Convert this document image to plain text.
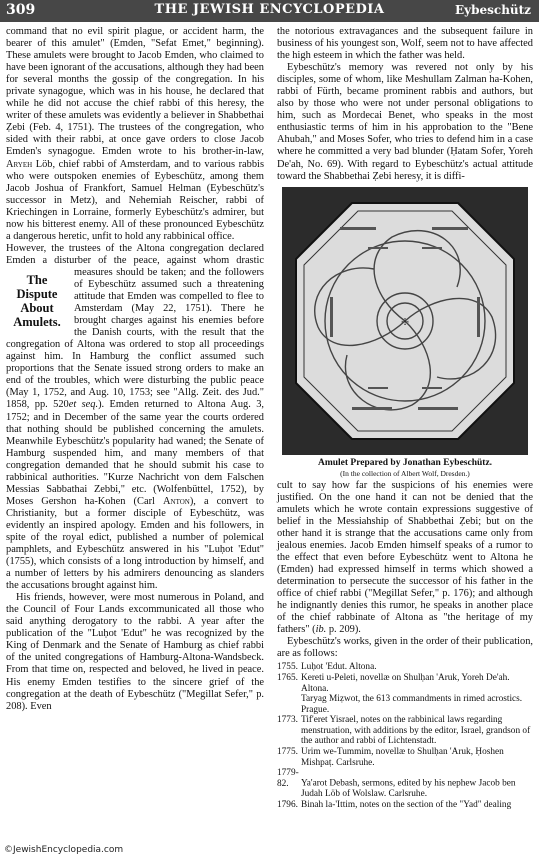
309	THE JEWISH ENCYCLOPEDIA	Eybeschütz

command that no evil spirit plague, or accident harm, the bearer of this amulet" (Emden, "Sefat Emet," beginning). These amulets were brought to Jacob Emden, who claimed to have been ignorant of the accusations, although they had been for several months the gossip of the congregation. In his private synagogue, which was in his house, he declared that while he did not accuse the chief rabbi of this heresy, the writer of these amulets was evidently a believer in Shabbethai Ẓebi (Feb. 4, 1751). The trustees of the congregation, who sided with their rabbi, at once gave orders to close Jacob Emden's synagogue. Emden wrote to his brother-in-law, Aryeh Löb, chief rabbi of Amsterdam, and to various rabbis who were outspoken enemies of Eybeschütz, among them Jacob Joshua of Frankfort, Samuel Helman (Eybeschütz's successor in Metz), and Nehemiah Reischer, rabbi of Kriechingen in Lorraine, formerly Eybeschütz's admirer, but now his bitterest enemy. All of these pronounced Eybeschütz a dangerous heretic, unfit to hold any rabbinical office.

However, the trustees of the Altona congregation declared Emden a disturber of the peace, against whom drastic measures should be taken; and the
The Dispute About Amulets.
followers of Eybeschütz assumed such a threatening attitude that Emden was compelled to flee to Amsterdam (May 22, 1751). There he brought charges against his enemies before the Danish courts, with the result that the congregation of Altona was ordered to stop all proceedings against him. In Hamburg the conflict assumed such proportions that the Senate issued strong orders to make an end of the troubles, which were disturbing the public peace (May 1, 1752, and Aug. 10, 1753; see "Allg. Zeit. des Jud." 1858, pp. 520et seq.). Emden returned to Altona Aug. 3, 1752; and in December of the same year the courts ordered that nothing should be published concerning the amulets. Meanwhile Eybeschütz's popularity had waned; the Senate of Hamburg suspended him, and many members of that congregation demanded that he should submit his case to rabbinical authorities. "Kurze Nachricht von dem Falschen Messias Sabbathai Zebbi," etc. (Wolfenbüttel, 1752), by Moses Gershon ha-Kohen (Carl Anton), a convert to Christianity, but a former disciple of Eybeschütz, was evidently an inspired apology. Emden and his followers, in spite of the royal edict, published a number of polemical pamphlets, and Eybeschütz answered in his "Luḥot 'Edut" (1755), which consists of a long introduction by himself, and a number of letters by his admirers denouncing as slanders the accusations brought against him.

His friends, however, were most numerous in Poland, and the Council of Four Lands excommunicated all those who said anything derogatory to the rabbi. A year after the publication of the "Luḥot 'Edut" he was recognized by the King of Denmark and the Senate of Hamburg as chief rabbi of the united congregations of Hamburg-Altona-Wandsbeck. From that time on, respected and beloved, he lived in peace. His enemy Emden testifies to the sincere grief of the congregation at the death of Eybeschütz ("Megillat Sefer," p. 208). Even

the notorious extravagances and the subsequent failure in business of his youngest son, Wolf, seem not to have affected the high esteem in which the father was held.

Eybeschütz's memory was revered not only by his disciples, some of whom, like Meshullam Zalman ha-Kohen, rabbi of Fürth, became prominent rabbis and authors, but also by those who were not under personal obligations to him, such as Mordecai Benet, who speaks in the most enthusiastic terms of him in his approbation to the "Bene Ahubah," and Moses Sofer, who tries to defend him in a case where he committed a very bad blunder (Ḥatam Sofer, Yoreh De'ah, No. 69). With regard to Eybeschütz's actual attitude toward the Shabbethai Ẓebi heresy, it is diffi-

☩
Amulet Prepared by Jonathan Eybeschütz.
(In the collection of Albert Wolf, Dresden.)

cult to say how far the suspicions of his enemies were justified. On the one hand it can not be denied that the amulets which he wrote contain expressions suggestive of belief in the Messiahship of Shabbethai Ẓebi; but on the other hand it is strange that the accusations came only from jealous enemies. Jacob Emden himself speaks of a rumor to the effect that even before Eybeschütz went to Altona he (Emden) had expressed himself in terms which showed a determination to persecute the successor of his father in the office of chief rabbi ("Megillat Sefer," p. 176); and although he indignantly denies this rumor, he speaks in another place of the chief rabbinate of Altona as "the heritage of my fathers" (ib. p. 209).

Eybeschütz's works, given in the order of their publication, are as follows:

1755. Luḥot 'Edut. Altona.
1765. Kereti u-Peleti, novellæ on Shulḥan 'Aruk, Yoreh De'ah. Altona.
Taryag Miẓwot, the 613 commandments in rimed acrostics. Prague.
1773. Tif'eret Yisrael, notes on the rabbinical laws regarding menstruation, with additions by the editor, Israel, grandson of the author and rabbi of Lichtenstadt.
1775. Urim we-Tummim, novellæ to Shulḥan 'Aruk, Ḥoshen Mishpaṭ. Carlsruhe.
1779-82. Ya'arot Debash, sermons, edited by his nephew Jacob ben Judah Löb of Wolslaw. Carlsruhe.
1796. Binah la-'Ittim, notes on the section of the "Yad" dealing
©JewishEncyclopedia.com
